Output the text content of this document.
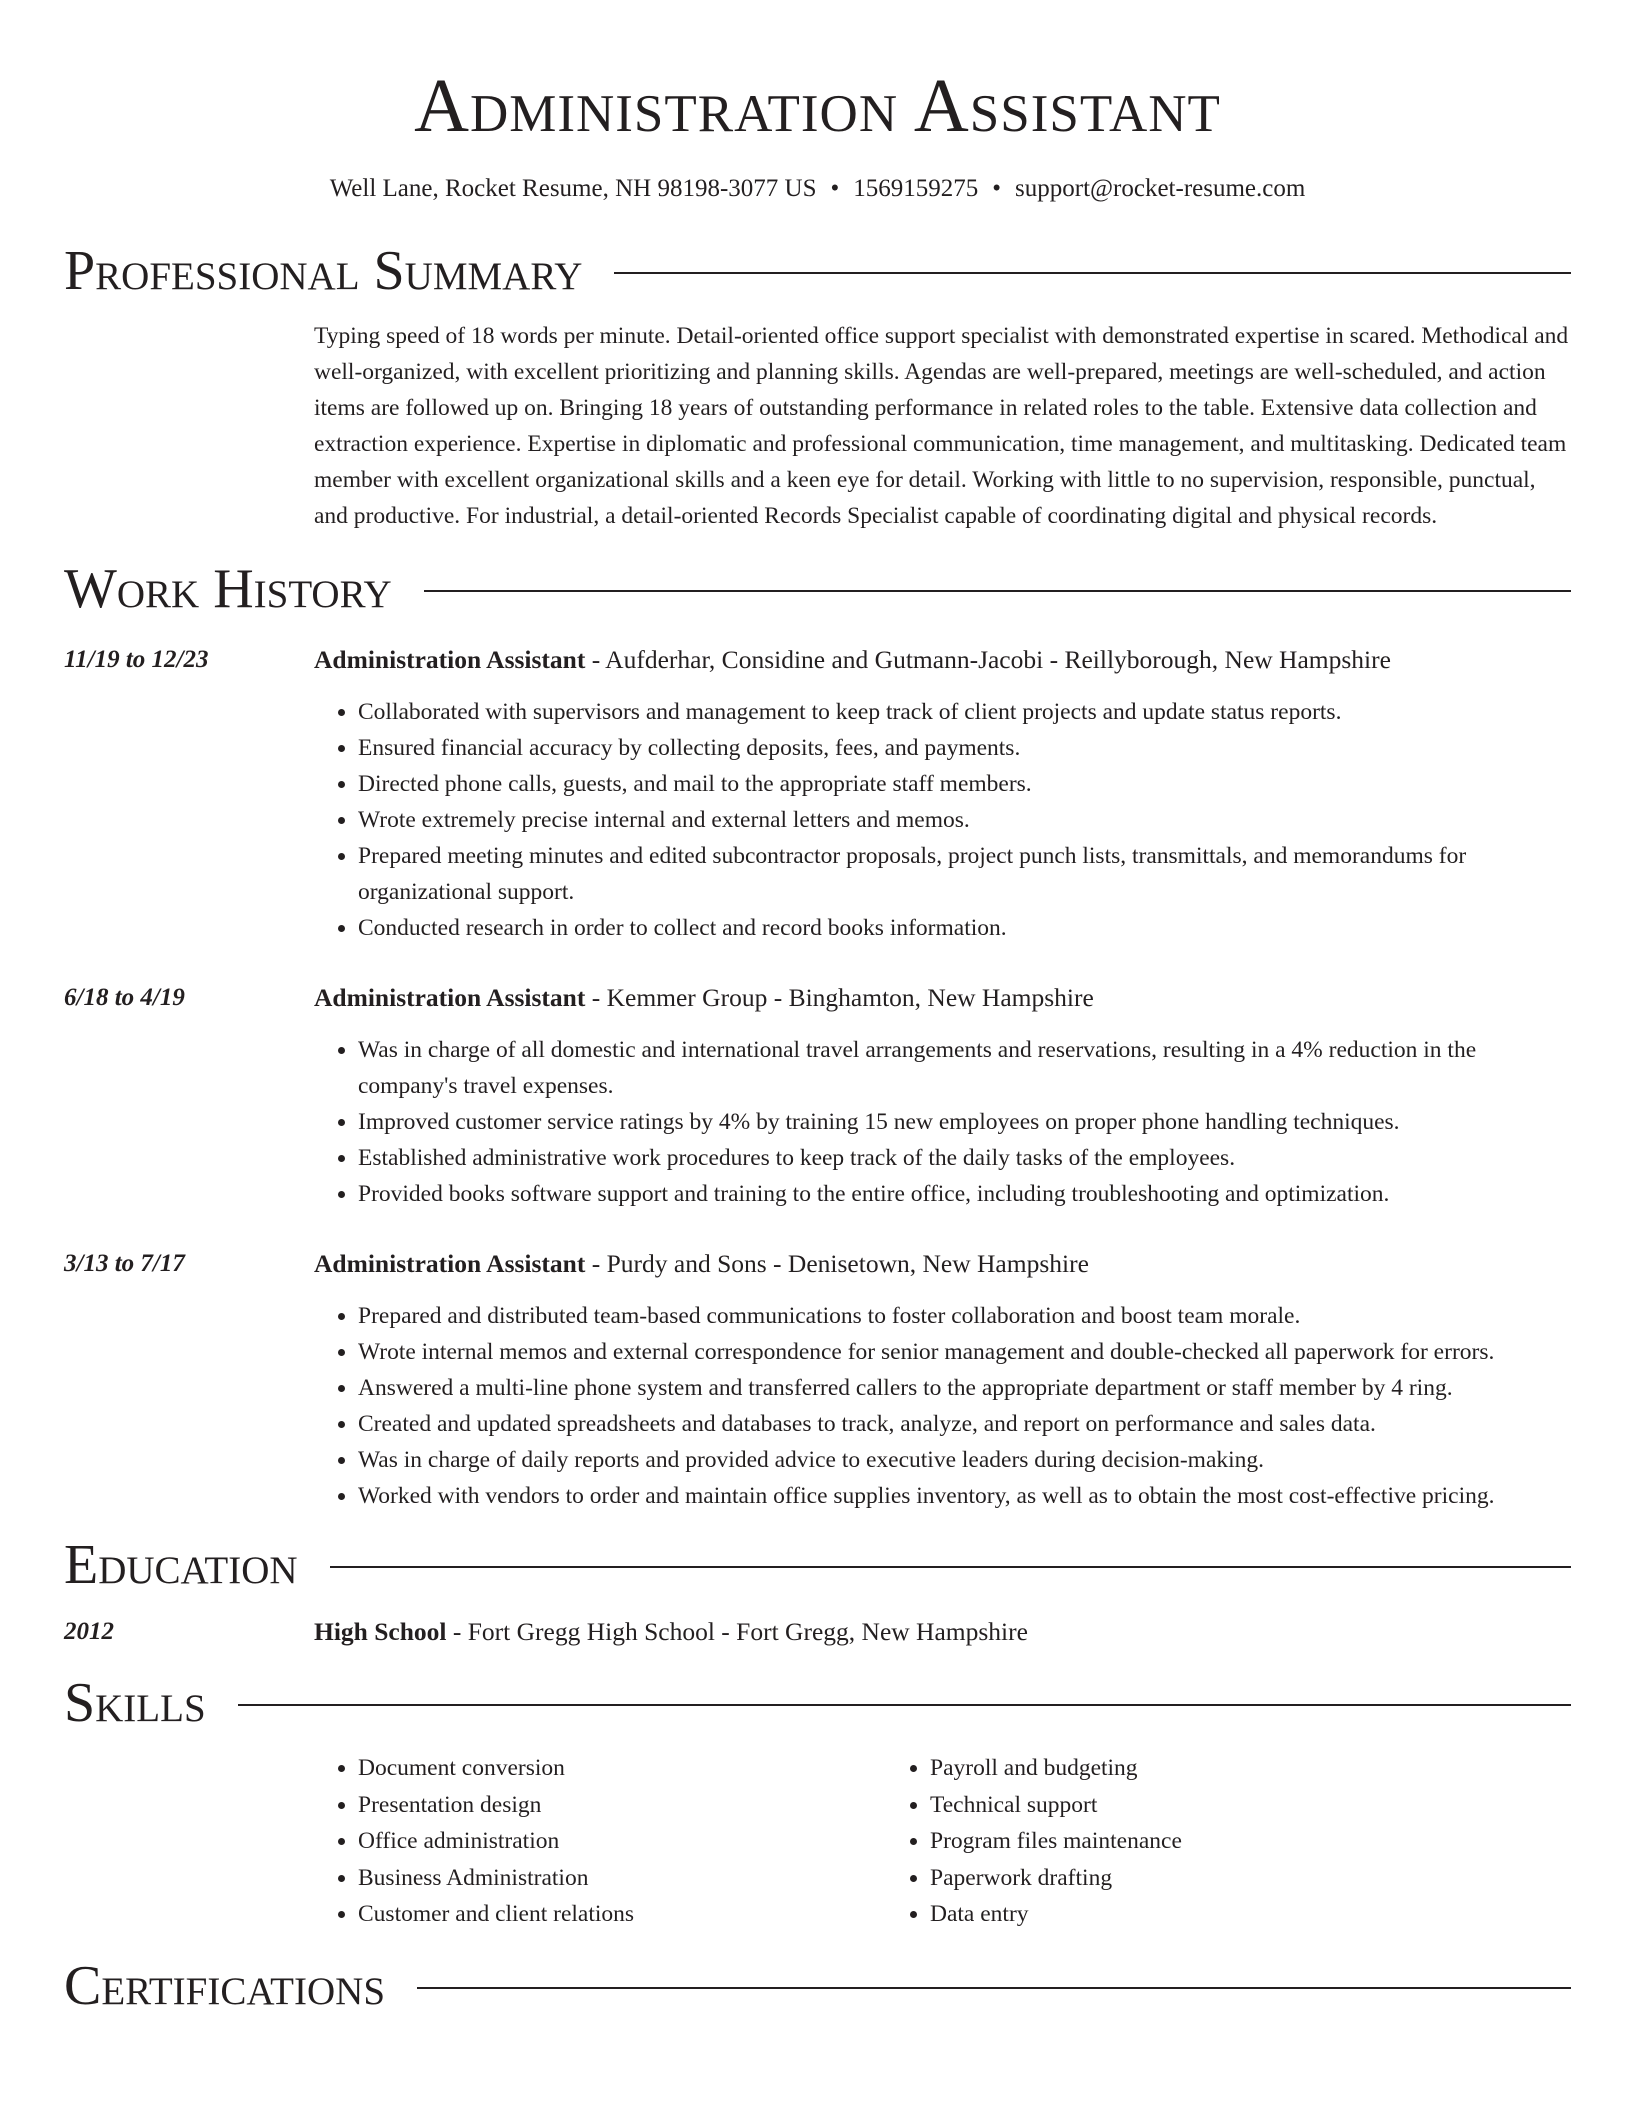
Administration Assistant
Well Lane, Rocket Resume, NH 98198-3077 US • 1569159275 • support@rocket-resume.com
Professional Summary
Typing speed of 18 words per minute. Detail-oriented office support specialist with demonstrated expertise in scared. Methodical and well-organized, with excellent prioritizing and planning skills. Agendas are well-prepared, meetings are well-scheduled, and action items are followed up on. Bringing 18 years of outstanding performance in related roles to the table. Extensive data collection and extraction experience. Expertise in diplomatic and professional communication, time management, and multitasking. Dedicated team member with excellent organizational skills and a keen eye for detail. Working with little to no supervision, responsible, punctual, and productive. For industrial, a detail-oriented Records Specialist capable of coordinating digital and physical records.
Work History
11/19 to 12/23	Administration Assistant - Aufderhar, Considine and Gutmann-Jacobi - Reillyborough, New Hampshire
• Collaborated with supervisors and management to keep track of client projects and update status reports.
• Ensured financial accuracy by collecting deposits, fees, and payments.
• Directed phone calls, guests, and mail to the appropriate staff members.
• Wrote extremely precise internal and external letters and memos.
• Prepared meeting minutes and edited subcontractor proposals, project punch lists, transmittals, and memorandums for organizational support.
• Conducted research in order to collect and record books information.
6/18 to 4/19	Administration Assistant - Kemmer Group - Binghamton, New Hampshire
• Was in charge of all domestic and international travel arrangements and reservations, resulting in a 4% reduction in the company's travel expenses.
• Improved customer service ratings by 4% by training 15 new employees on proper phone handling techniques.
• Established administrative work procedures to keep track of the daily tasks of the employees.
• Provided books software support and training to the entire office, including troubleshooting and optimization.
3/13 to 7/17	Administration Assistant - Purdy and Sons - Denisetown, New Hampshire
• Prepared and distributed team-based communications to foster collaboration and boost team morale.
• Wrote internal memos and external correspondence for senior management and double-checked all paperwork for errors.
• Answered a multi-line phone system and transferred callers to the appropriate department or staff member by 4 ring.
• Created and updated spreadsheets and databases to track, analyze, and report on performance and sales data.
• Was in charge of daily reports and provided advice to executive leaders during decision-making.
• Worked with vendors to order and maintain office supplies inventory, as well as to obtain the most cost-effective pricing.
Education
2012	High School - Fort Gregg High School - Fort Gregg, New Hampshire
Skills
• Document conversion
• Presentation design
• Office administration
• Business Administration
• Customer and client relations
• Payroll and budgeting
• Technical support
• Program files maintenance
• Paperwork drafting
• Data entry
Certifications
